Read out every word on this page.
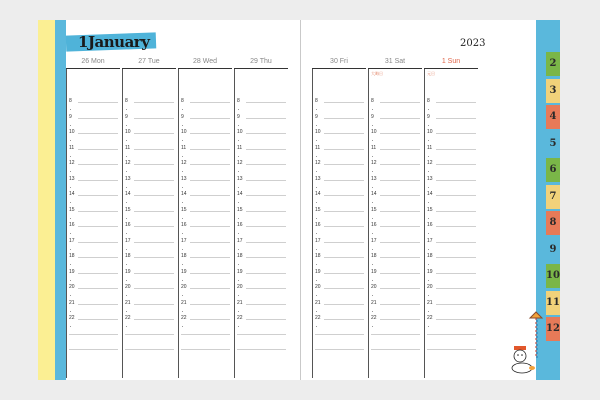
1January	2023
26 Mon
8
9
10
11
12
13
14
15
16
17
18
19
20
21
22
27 Tue
8
9
10
11
12
13
14
15
16
17
18
19
20
21
22
28 Wed
8
9
10
11
12
13
14
15
16
17
18
19
20
21
22
29 Thu
8
9
10
11
12
13
14
15
16
17
18
19
20
21
22
30 Fri
8
9
10
11
12
13
14
15
16
17
18
19
20
21
22
31 Sat
大晦日
8
9
10
11
12
13
14
15
16
17
18
19
20
21
22
1 Sun
元日
8
9
10
11
12
13
14
15
16
17
18
19
20
21
22
2
3
4
5
6
7
8
9
10
11
12
